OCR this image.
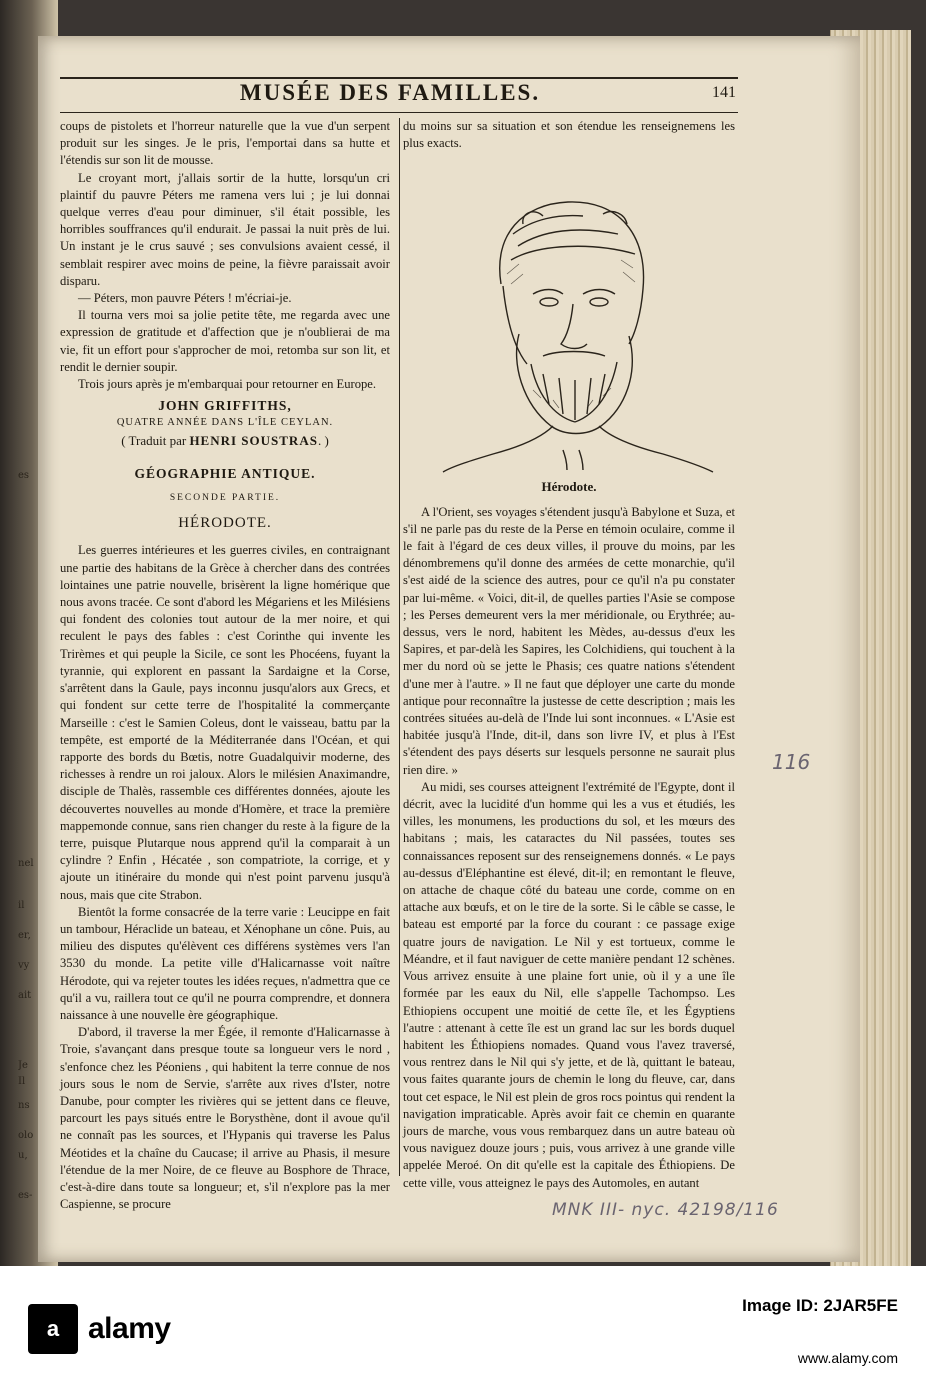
es
nel
il
er,
vy
ait
Je
Il
ns
olo
u,
es-
MUSÉE DES FAMILLES.	141

coups de pistolets et l'horreur naturelle que la vue d'un serpent produit sur les singes. Je le pris, l'emportai dans sa hutte et l'étendis sur son lit de mousse.

Le croyant mort, j'allais sortir de la hutte, lorsqu'un cri plaintif du pauvre Péters me ramena vers lui ; je lui donnai quelque verres d'eau pour diminuer, s'il était possible, les horribles souffrances qu'il endurait. Je passai la nuit près de lui. Un instant je le crus sauvé ; ses convulsions avaient cessé, il semblait respirer avec moins de peine, la fièvre paraissait avoir disparu.

— Péters, mon pauvre Péters ! m'écriai-je.

Il tourna vers moi sa jolie petite tête, me regarda avec une expression de gratitude et d'affection que je n'oublierai de ma vie, fit un effort pour s'approcher de moi, retomba sur son lit, et rendit le dernier soupir.

Trois jours après je m'embarquai pour retourner en Europe.

JOHN GRIFFITHS,
QUATRE ANNÉE DANS L'ÎLE CEYLAN.
( Traduit par HENRI SOUSTRAS. )
GÉOGRAPHIE ANTIQUE.
SECONDE PARTIE.
HÉRODOTE.

Les guerres intérieures et les guerres civiles, en contraignant une partie des habitans de la Grèce à chercher dans des contrées lointaines une patrie nouvelle, brisèrent la ligne homérique que nous avons tracée. Ce sont d'abord les Mégariens et les Milésiens qui fondent des colonies tout autour de la mer noire, et qui reculent le pays des fables : c'est Corinthe qui invente les Trirèmes et qui peuple la Sicile, ce sont les Phocéens, fuyant la tyrannie, qui explorent en passant la Sardaigne et la Corse, s'arrêtent dans la Gaule, pays inconnu jusqu'alors aux Grecs, et qui fondent sur cette terre de l'hospitalité la commerçante Marseille : c'est le Samien Coleus, dont le vaisseau, battu par la tempête, est emporté de la Méditerranée dans l'Océan, et qui rapporte des bords du Bœtis, notre Guadalquivir moderne, des richesses à rendre un roi jaloux. Alors le milésien Anaximandre, disciple de Thalès, rassemble ces différentes données, ajoute les découvertes nouvelles au monde d'Homère, et trace la première mappemonde connue, sans rien changer du reste à la figure de la terre, puisque Plutarque nous apprend qu'il la comparait à un cylindre ? Enfin , Hécatée , son compatriote, la corrige, et y ajoute un itinéraire du monde qui n'est point parvenu jusqu'à nous, mais que cite Strabon.

Bientôt la forme consacrée de la terre varie : Leucippe en fait un tambour, Héraclide un bateau, et Xénophane un cône. Puis, au milieu des disputes qu'élèvent ces différens systèmes vers l'an 3530 du monde. La petite ville d'Halicarnasse voit naître Hérodote, qui va rejeter toutes les idées reçues, n'admettra que ce qu'il a vu, raillera tout ce qu'il ne pourra comprendre, et donnera naissance à une nouvelle ère géographique.

D'abord, il traverse la mer Égée, il remonte d'Halicarnasse à Troie, s'avançant dans presque toute sa longueur vers le nord , s'enfonce chez les Péoniens , qui habitent la terre connue de nos jours sous le nom de Servie, s'arrête aux rives d'Ister, notre Danube, pour compter les rivières qui se jettent dans ce fleuve, parcourt les pays situés entre le Borysthène, dont il avoue qu'il ne connaît pas les sources, et l'Hypanis qui traverse les Palus Méotides et la chaîne du Caucase; il arrive au Phasis, il mesure l'étendue de la mer Noire, de ce fleuve au Bosphore de Thrace, c'est-à-dire dans toute sa longueur; et, s'il n'explore pas la mer Caspienne, se procure

du moins sur sa situation et son étendue les renseignemens les plus exacts.

Hérodote.

A l'Orient, ses voyages s'étendent jusqu'à Babylone et Suza, et s'il ne parle pas du reste de la Perse en témoin oculaire, comme il le fait à l'égard de ces deux villes, il prouve du moins, par les dénombremens qu'il donne des armées de cette monarchie, qu'il s'est aidé de la science des autres, pour ce qu'il n'a pu constater par lui-même. « Voici, dit-il, de quelles parties l'Asie se compose ; les Perses demeurent vers la mer méridionale, ou Erythrée; au-dessus, vers le nord, habitent les Mèdes, au-dessus d'eux les Sapires, et par-delà les Sapires, les Colchidiens, qui touchent à la mer du nord où se jette le Phasis; ces quatre nations s'étendent d'une mer à l'autre. » Il ne faut que déployer une carte du monde antique pour reconnaître la justesse de cette description ; mais les contrées situées au-delà de l'Inde lui sont inconnues. « L'Asie est habitée jusqu'à l'Inde, dit-il, dans son livre IV, et plus à l'Est s'étendent des pays déserts sur lesquels personne ne saurait plus rien dire. »

Au midi, ses courses atteignent l'extrémité de l'Egypte, dont il décrit, avec la lucidité d'un homme qui les a vus et étudiés, les villes, les monumens, les productions du sol, et les mœurs des habitans ; mais, les cataractes du Nil passées, toutes ses connaissances reposent sur des renseignemens donnés. « Le pays au-dessus d'Eléphantine est élevé, dit-il; en remontant le fleuve, on attache de chaque côté du bateau une corde, comme on en attache aux bœufs, et on le tire de la sorte. Si le câble se casse, le bateau est emporté par la force du courant : ce passage exige quatre jours de navigation. Le Nil y est tortueux, comme le Méandre, et il faut naviguer de cette manière pendant 12 schènes. Vous arrivez ensuite à une plaine fort unie, où il y a une île formée par les eaux du Nil, elle s'appelle Tachompso. Les Ethiopiens occupent une moitié de cette île, et les Égyptiens l'autre : attenant à cette île est un grand lac sur les bords duquel habitent les Éthiopiens nomades. Quand vous l'avez traversé, vous rentrez dans le Nil qui s'y jette, et de là, quittant le bateau, vous faites quarante jours de chemin le long du fleuve, car, dans tout cet espace, le Nil est plein de gros rocs pointus qui rendent la navigation impraticable. Après avoir fait ce chemin en quarante jours de marche, vous vous rembarquez dans un autre bateau où vous naviguez douze jours ; puis, vous arrivez à une grande ville appelée Meroé. On dit qu'elle est la capitale des Éthiopiens. De cette ville, vous atteignez le pays des Automoles, en autant

116
MNK III- nyc. 42198/116
a alamy
Image ID: 2JAR5FE
www.alamy.com
